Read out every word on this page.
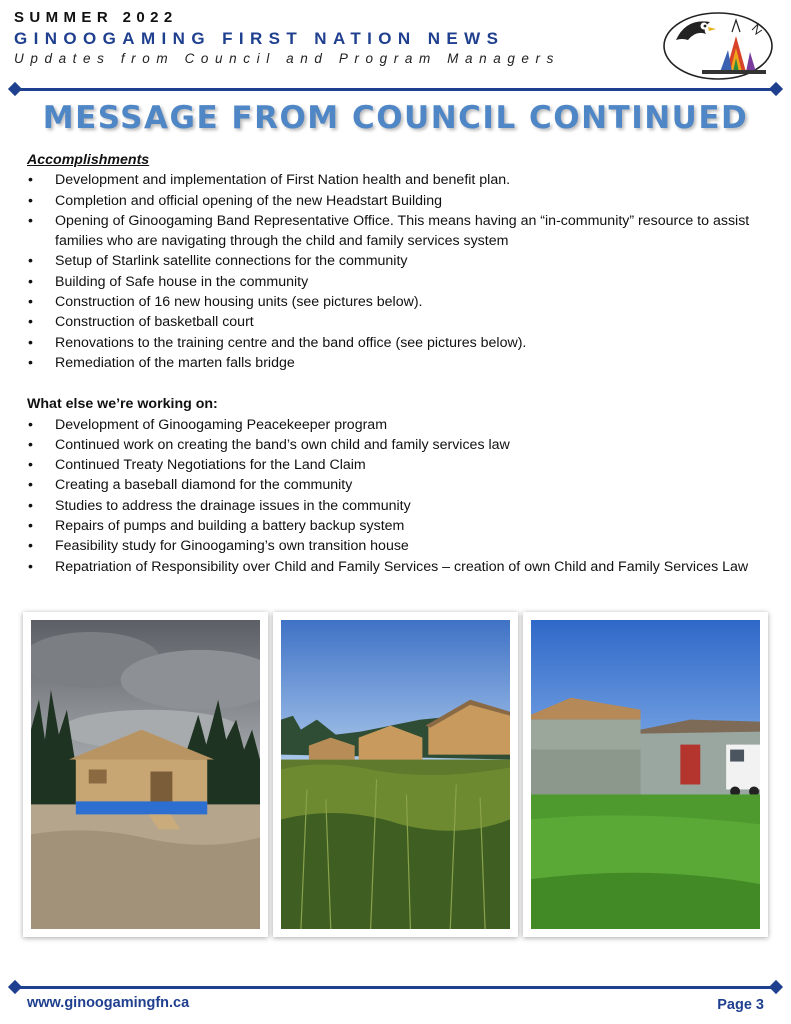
SUMMER 2022
GINOOGAMING FIRST NATION NEWS
Updates from Council and Program Managers
MESSAGE FROM COUNCIL CONTINUED

Accomplishments

• Development and implementation of First Nation health and benefit plan.
• Completion and official opening of the new Headstart Building
• Opening of Ginoogaming Band Representative Office. This means having an “in-community” resource to assist families who are navigating through the child and family services system
• Setup of Starlink satellite connections for the community
• Building of Safe house in the community
• Construction of 16 new housing units (see pictures below).
• Construction of basketball court
• Renovations to the training centre and the band office (see pictures below).
• Remediation of the marten falls bridge

What else we’re working on:

• Development of Ginoogaming Peacekeeper program
• Continued work on creating the band’s own child and family services law
• Continued Treaty Negotiations for the Land Claim
• Creating a baseball diamond for the community
• Studies to address the drainage issues in the community
• Repairs of pumps and building a battery backup system
• Feasibility study for Ginoogaming’s own transition house
• Repatriation of Responsibility over Child and Family Services – creation of own Child and Family Services Law
www.ginoogamingfn.ca	Page 3
